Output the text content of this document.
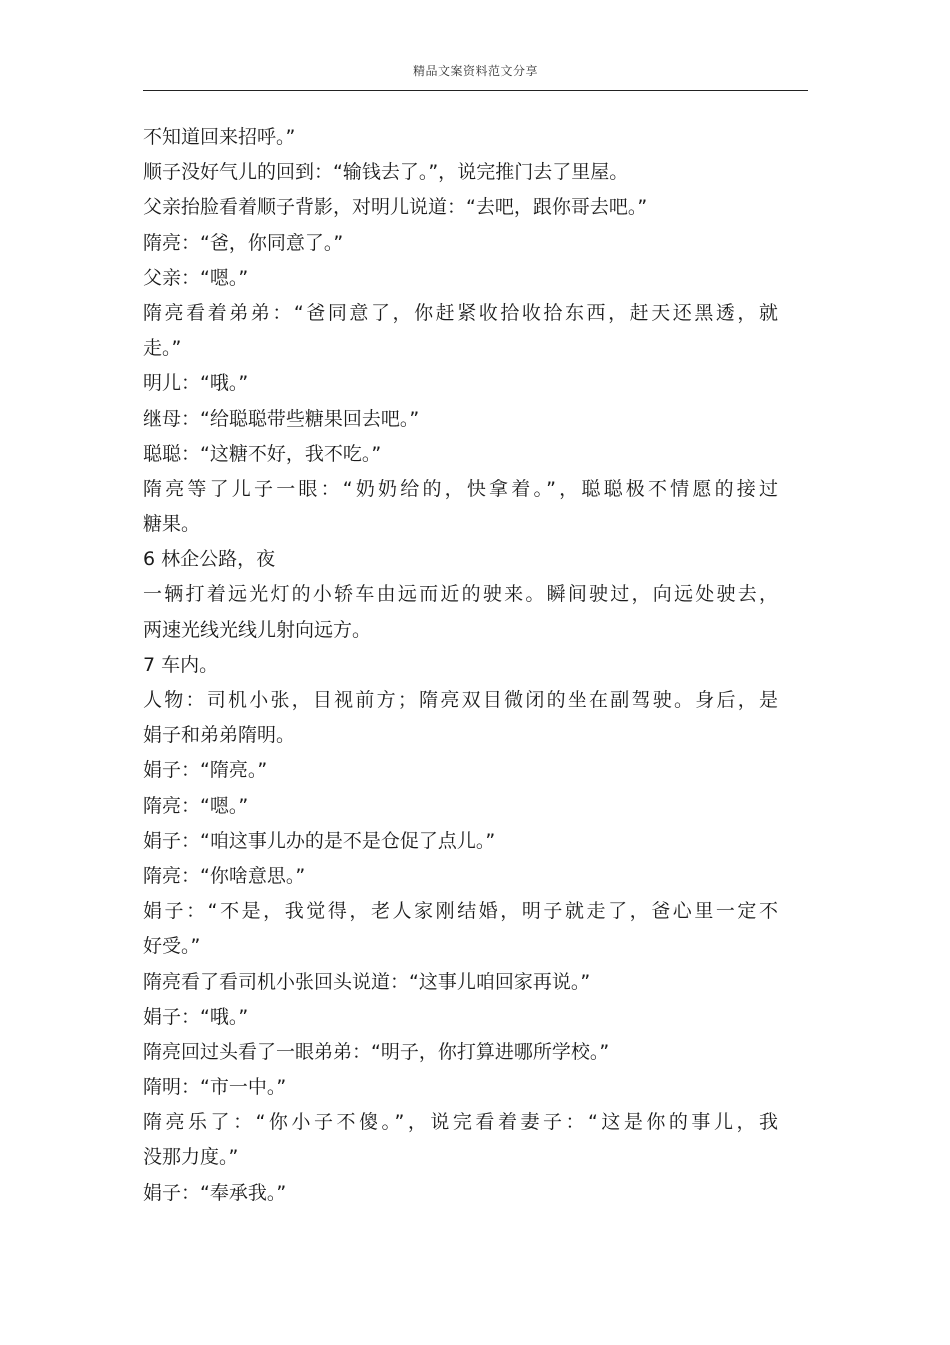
精品文案资料范文分享
不知道回来招呼。”
顺子没好气儿的回到：“输钱去了。”，说完推门去了里屋。
父亲抬脸看着顺子背影，对明儿说道：“去吧，跟你哥去吧。”
隋亮：“爸，你同意了。”
父亲：“嗯。”
隋亮看着弟弟：“爸同意了，你赶紧收拾收拾东西，赶天还黑透，就
走。”
明儿：“哦。”
继母：“给聪聪带些糖果回去吧。”
聪聪：“这糖不好，我不吃。”
隋亮等了儿子一眼：“奶奶给的，快拿着。”，聪聪极不情愿的接过
糖果。
6 林企公路，夜
一辆打着远光灯的小轿车由远而近的驶来。瞬间驶过，向远处驶去，
两速光线光线儿射向远方。
7 车内。
人物：司机小张，目视前方；隋亮双目微闭的坐在副驾驶。身后，是
娟子和弟弟隋明。
娟子：“隋亮。”
隋亮：“嗯。”
娟子：“咱这事儿办的是不是仓促了点儿。”
隋亮：“你啥意思。”
娟子：“不是，我觉得，老人家刚结婚，明子就走了，爸心里一定不
好受。”
隋亮看了看司机小张回头说道：“这事儿咱回家再说。”
娟子：“哦。”
隋亮回过头看了一眼弟弟：“明子，你打算进哪所学校。”
隋明：“市一中。”
隋亮乐了：“你小子不傻。”，说完看着妻子：“这是你的事儿，我
没那力度。”
娟子：“奉承我。”
